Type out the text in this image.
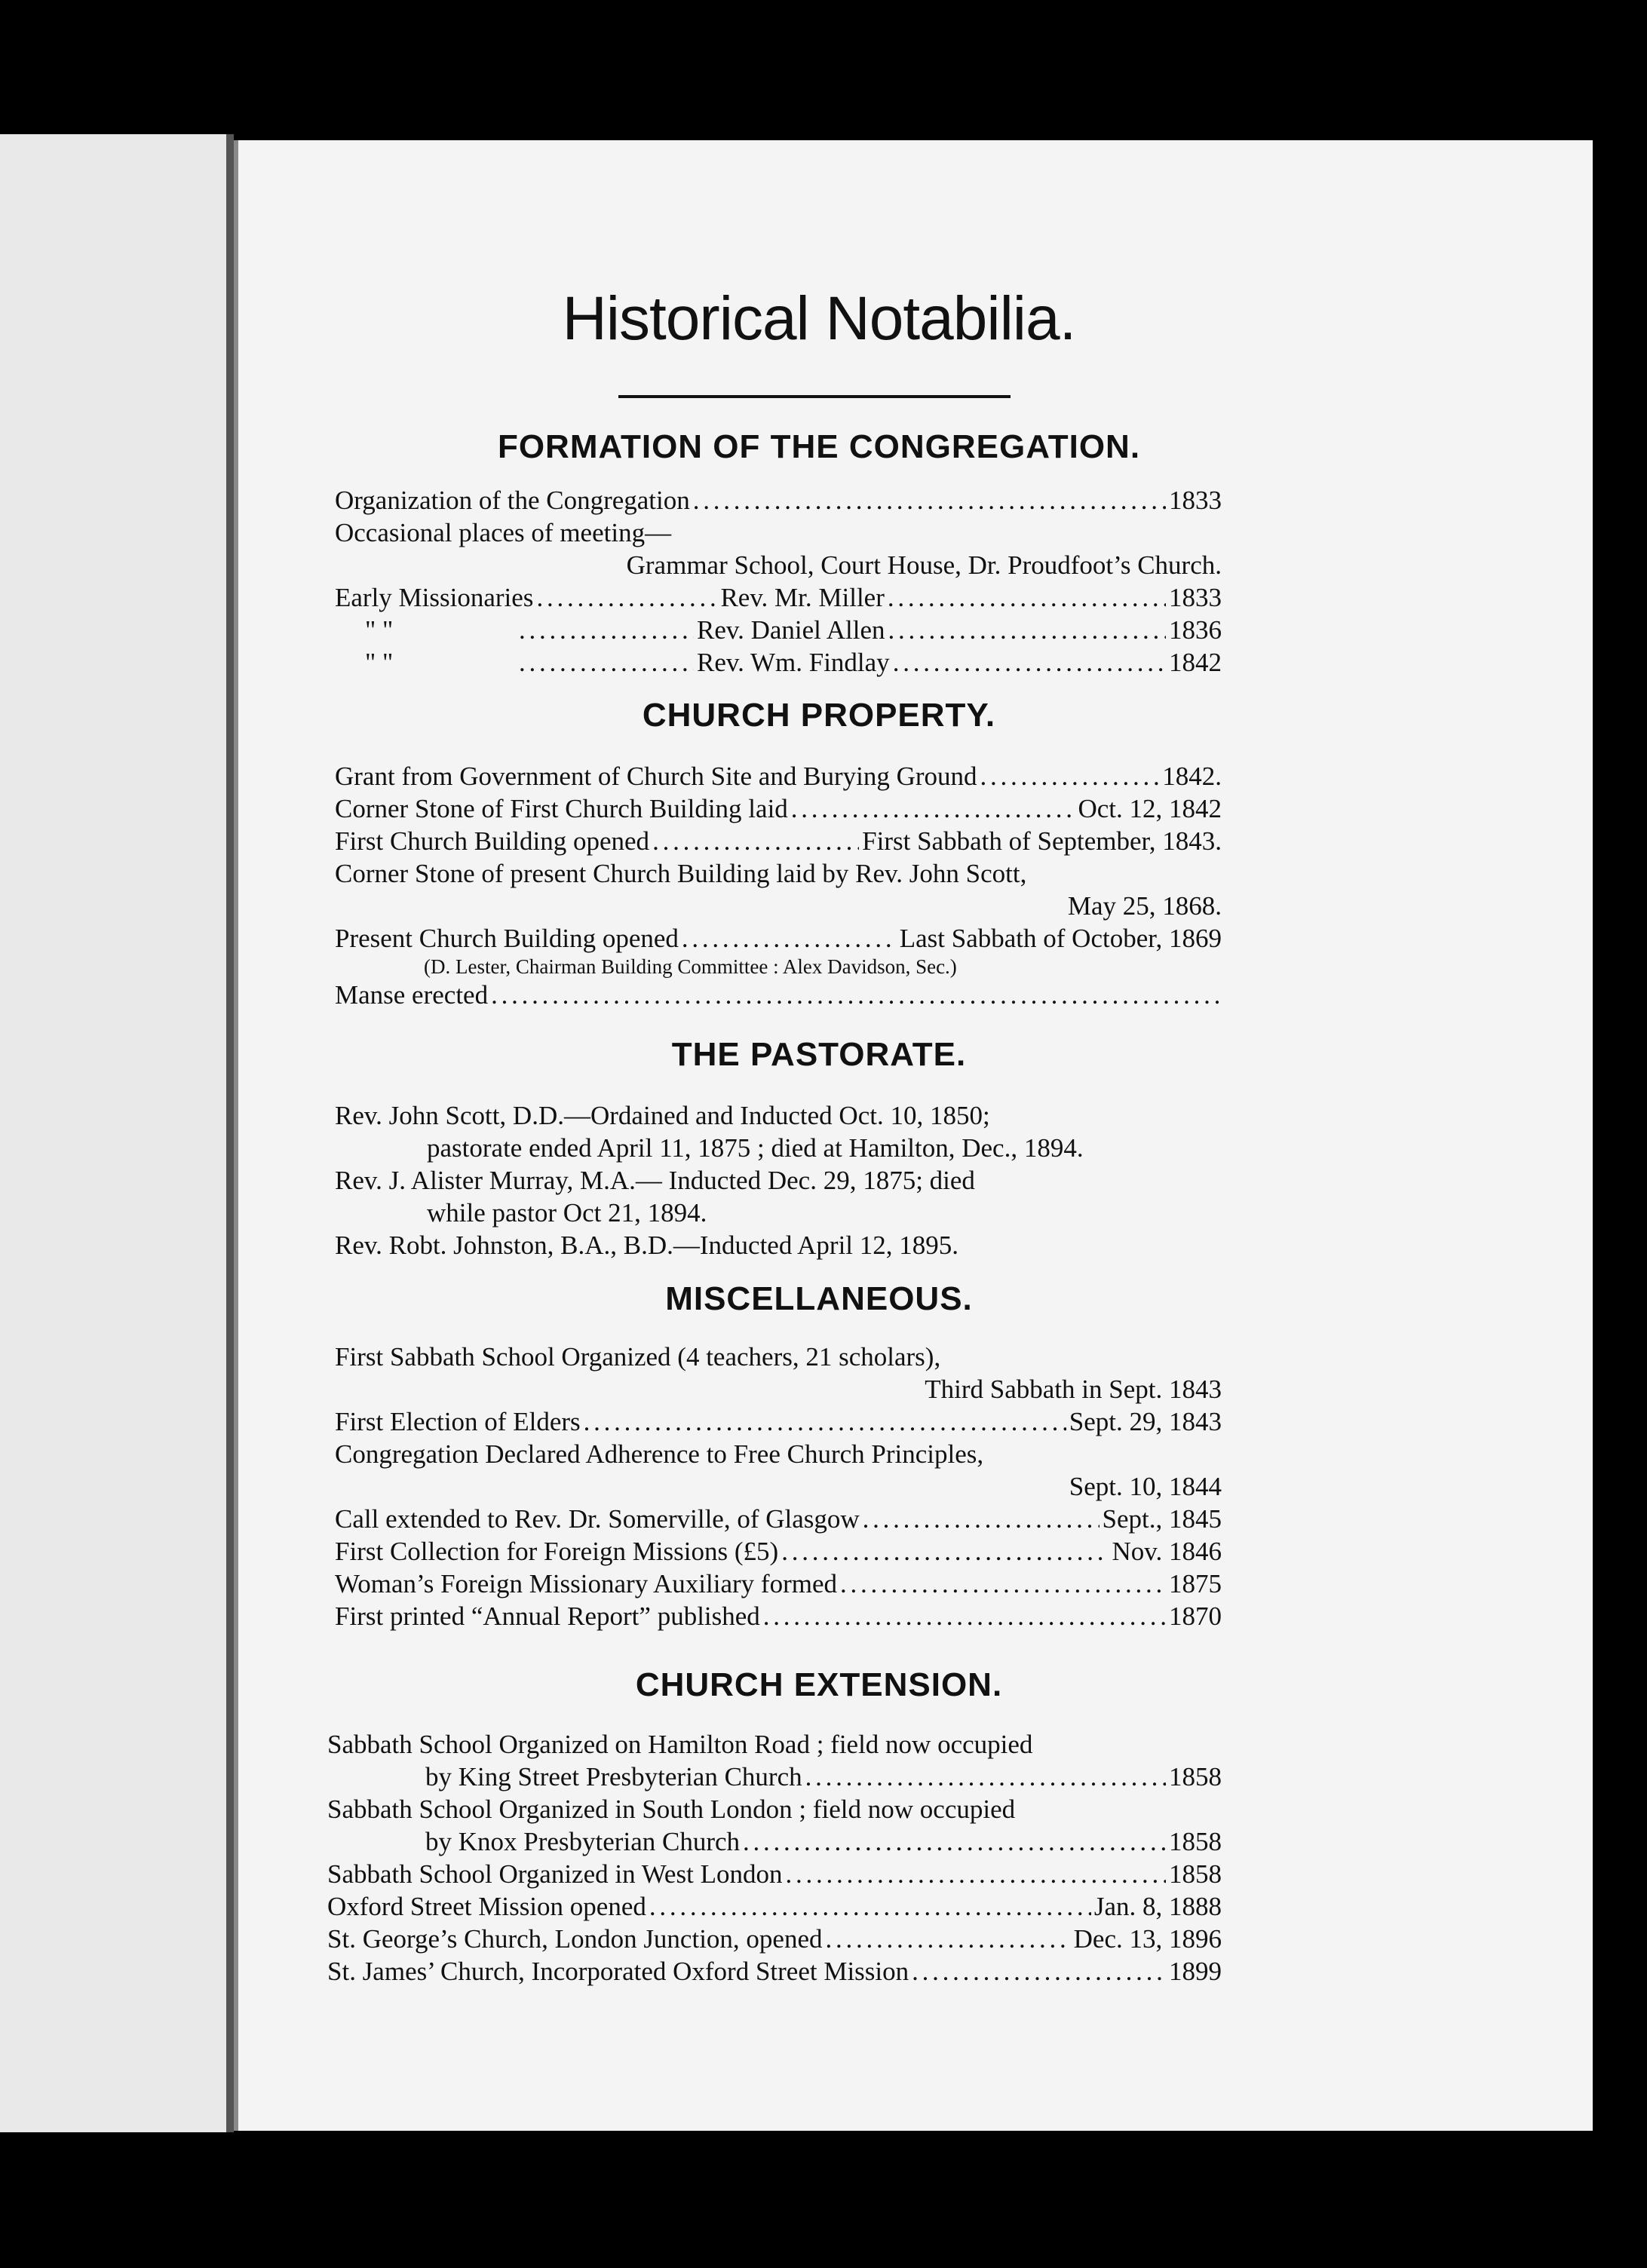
Historical Notabilia.
FORMATION OF THE CONGREGATION.
Organization of the Congregation . . .	1833
Occasional places of meeting—
Grammar School, Court House, Dr. Proudfoot’s Church.
Early Missionaries . . .	Rev. Mr. Miller . . .	1833
" " . . .	Rev. Daniel Allen . . .	1836
" " . . .	Rev. Wm. Findlay . . .	1842
CHURCH PROPERTY.
Grant from Government of Church Site and Burying Ground . . .	1842.
Corner Stone of First Church Building laid . . .	Oct. 12, 1842
First Church Building opened . . .	First Sabbath of September, 1843.
Corner Stone of present Church Building laid by Rev. John Scott,
May 25, 1868.
Present Church Building opened . . .	Last Sabbath of October, 1869
(D. Lester, Chairman Building Committee : Alex Davidson, Sec.)
Manse erected
. . .
THE PASTORATE.
Rev. John Scott, D.D.—Ordained and Inducted Oct. 10, 1850;
pastorate ended April 11, 1875 ; died at Hamilton, Dec., 1894.
Rev. J. Alister Murray, M.A.— Inducted Dec. 29, 1875; died
while pastor Oct 21, 1894.
Rev. Robt. Johnston, B.A., B.D.—Inducted April 12, 1895.
MISCELLANEOUS.
First Sabbath School Organized (4 teachers, 21 scholars),
Third Sabbath in Sept. 1843
First Election of Elders . . .	Sept. 29, 1843
Congregation Declared Adherence to Free Church Principles,
Sept. 10, 1844
Call extended to Rev. Dr. Somerville, of Glasgow . . .	Sept., 1845
First Collection for Foreign Missions (£5) . . .	Nov. 1846
Woman’s Foreign Missionary Auxiliary formed . . .	1875
First printed “Annual Report” published . . .	1870
CHURCH EXTENSION.
Sabbath School Organized on Hamilton Road ; field now occupied
by King Street Presbyterian Church . . .	1858
Sabbath School Organized in South London ; field now occupied
by Knox Presbyterian Church . . .	1858
Sabbath School Organized in West London . . .	1858
Oxford Street Mission opened . . .	Jan. 8, 1888
St. George’s Church, London Junction, opened . . .	Dec. 13, 1896
St. James’ Church, Incorporated Oxford Street Mission . . .	1899
